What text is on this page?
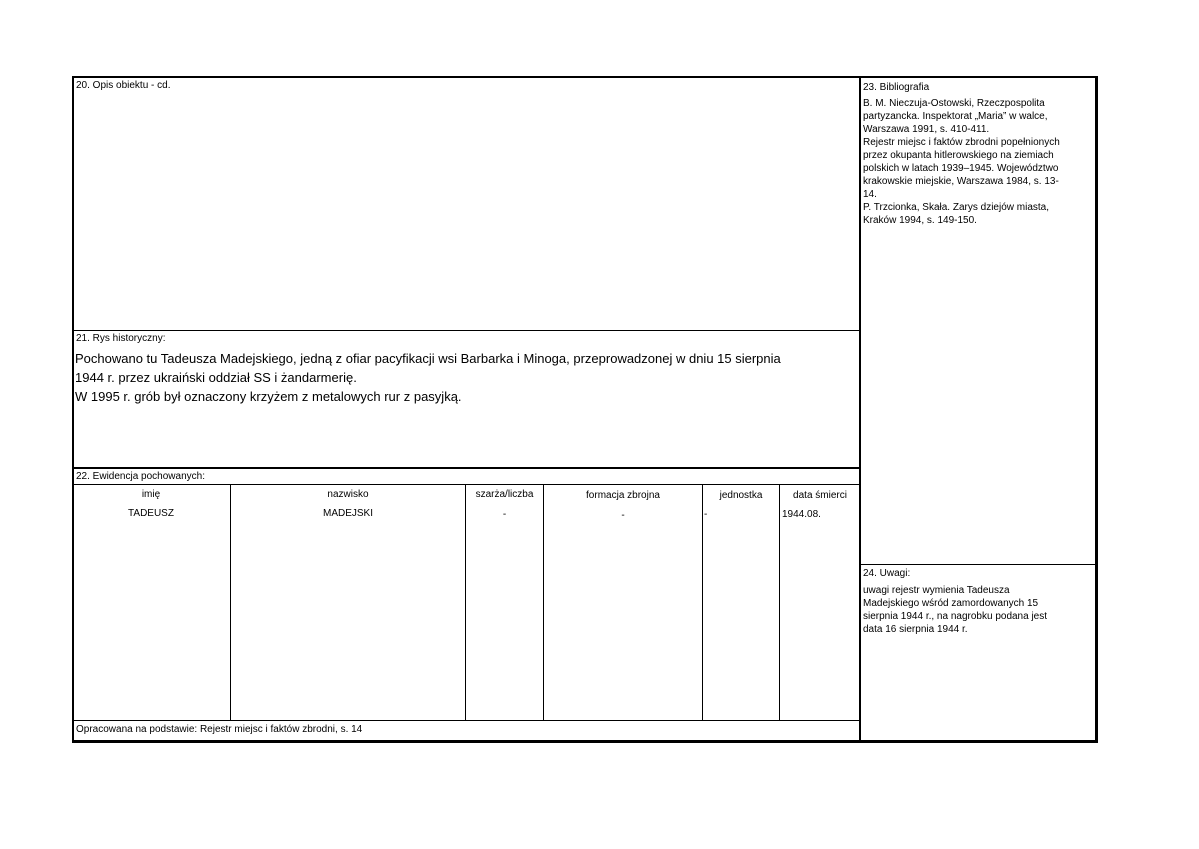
20. Opis obiektu - cd.
21. Rys historyczny:
Pochowano tu Tadeusza Madejskiego, jedną z ofiar pacyfikacji wsi Barbarka i Minoga, przeprowadzonej w dniu 15 sierpnia
1944 r. przez ukraiński oddział SS i żandarmerię.
W 1995 r. grób był oznaczony krzyżem z metalowych rur z pasyjką.
22. Ewidencja pochowanych:
imię	nazwisko	szarża/liczba	formacja zbrojna	jednostka	data śmierci
TADEUSZ	MADEJSKI	-	-	-	1944.08.
Opracowana na podstawie: Rejestr miejsc i faktów zbrodni, s. 14
23. Bibliografia
B. M. Nieczuja-Ostowski, Rzeczpospolita
partyzancka. Inspektorat „Maria” w walce,
Warszawa 1991, s. 410-411.
Rejestr miejsc i faktów zbrodni popełnionych
przez okupanta hitlerowskiego na ziemiach
polskich w latach 1939–1945. Województwo
krakowskie miejskie, Warszawa 1984, s. 13-
14.
P. Trzcionka, Skała. Zarys dziejów miasta,
Kraków 1994, s. 149-150.
24. Uwagi:
uwagi rejestr wymienia Tadeusza
Madejskiego wśród zamordowanych 15
sierpnia 1944 r., na nagrobku podana jest
data 16 sierpnia 1944 r.
